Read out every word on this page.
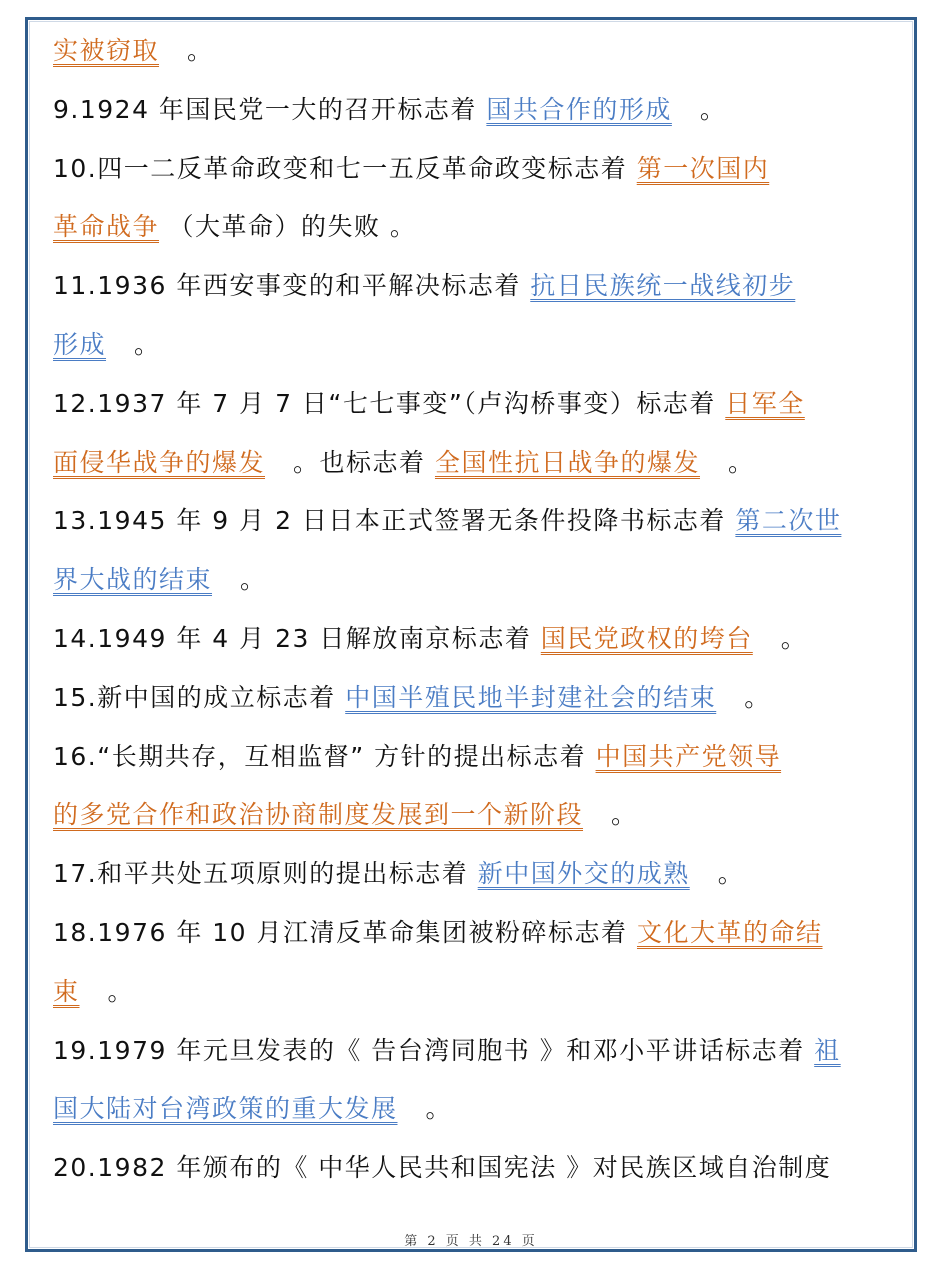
实被窃取 。
9.1924 年国民党一大的召开标志着 国共合作的形成 。
10.四一二反革命政变和七一五反革命政变标志着 第一次国内
革命战争 （大革命）的失败 。
11.1936 年西安事变的和平解决标志着 抗日民族统一战线初步
形成 。
12.1937 年 7 月 7 日“七七事变”（卢沟桥事变）标志着 日军全
面侵华战争的爆发 。也标志着 全国性抗日战争的爆发 。
13.1945 年 9 月 2 日日本正式签署无条件投降书标志着 第二次世
界大战的结束 。
14.1949 年 4 月 23 日解放南京标志着 国民党政权的垮台 。
15.新中国的成立标志着 中国半殖民地半封建社会的结束 。
16.“长期共存，互相监督” 方针的提出标志着 中国共产党领导
的多党合作和政治协商制度发展到一个新阶段 。
17.和平共处五项原则的提出标志着 新中国外交的成熟 。
18.1976 年 10 月江清反革命集团被粉碎标志着 文化大革的命结
束 。
19.1979 年元旦发表的《 告台湾同胞书 》和邓小平讲话标志着 祖
国大陆对台湾政策的重大发展 。
20.1982 年颁布的《 中华人民共和国宪法 》对民族区域自治制度
第 2 页 共 24 页
